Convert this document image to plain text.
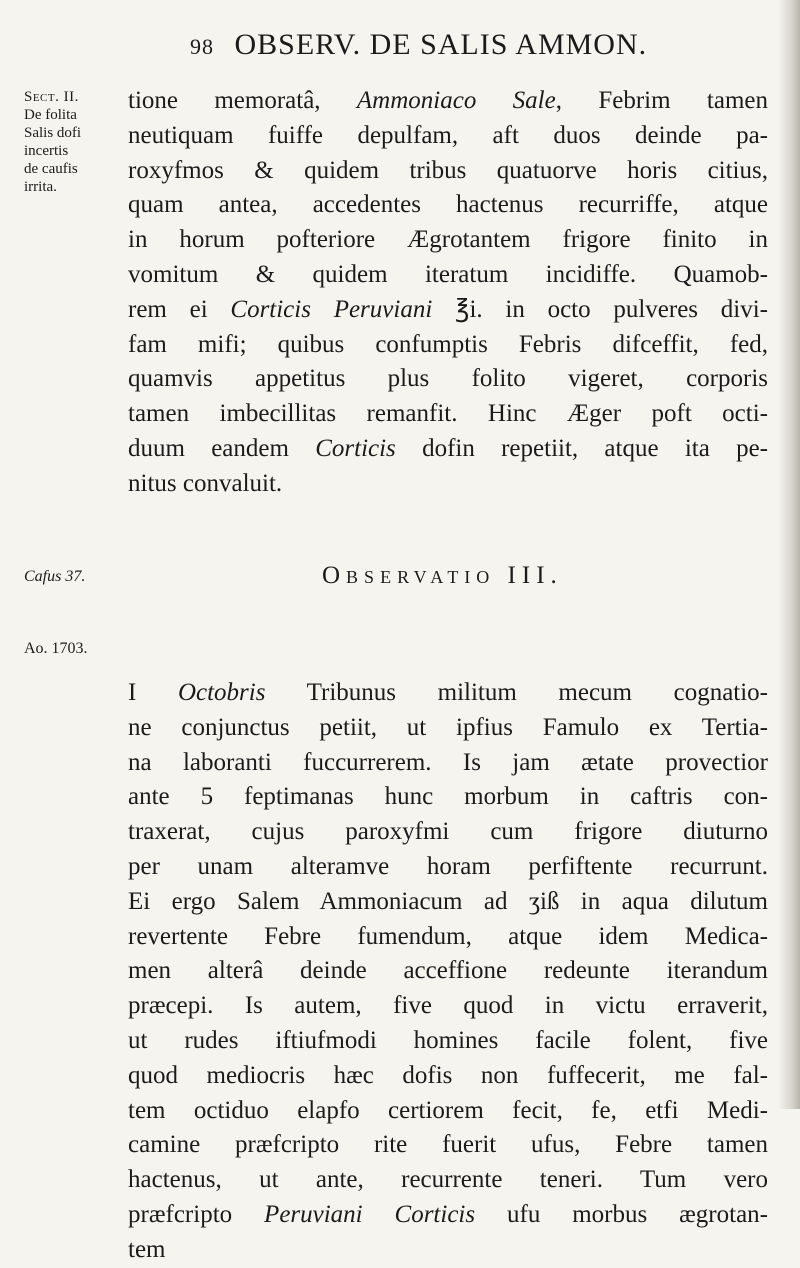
98 OBSERV. DE SALIS AMMON.
Sect. II.
De folita
Salis dofi
incertis
de caufis
irrita.
tione memoratâ, Ammoniaco Sale, Febrim tamen
neutiquam fuiffe depulfam, aft duos deinde pa-
roxyfmos & quidem tribus quatuorve horis citius,
quam antea, accedentes hactenus recurriffe, atque
in horum pofteriore Ægrotantem frigore finito in
vomitum & quidem iteratum incidiffe. Quamob-
rem ei Corticis Peruviani ℥i. in octo pulveres divi-
fam mifi; quibus confumptis Febris difceffit, fed,
quamvis appetitus plus folito vigeret, corporis
tamen imbecillitas remanfit. Hinc Æger poft octi-
duum eandem Corticis dofin repetiit, atque ita pe-
nitus convaluit.
Cafus 37.	Observatio III.
Ao. 1703.
I Octobris Tribunus militum mecum cognatio-
ne conjunctus petiit, ut ipfius Famulo ex Tertia-
na laboranti fuccurrerem. Is jam ætate provectior
ante 5 feptimanas hunc morbum in caftris con-
traxerat, cujus paroxyfmi cum frigore diuturno
per unam alteramve horam perfiftente recurrunt.
Ei ergo Salem Ammoniacum ad ʒiß in aqua dilutum
revertente Febre fumendum, atque idem Medica-
men alterâ deinde acceffione redeunte iterandum
præcepi. Is autem, five quod in victu erraverit,
ut rudes iftiufmodi homines facile folent, five
quod mediocris hæc dofis non fuffecerit, me fal-
tem octiduo elapfo certiorem fecit, fe, etfi Medi-
camine præfcripto rite fuerit ufus, Febre tamen
hactenus, ut ante, recurrente teneri. Tum vero
præfcripto Peruviani Corticis ufu morbus ægrotan-
tem
